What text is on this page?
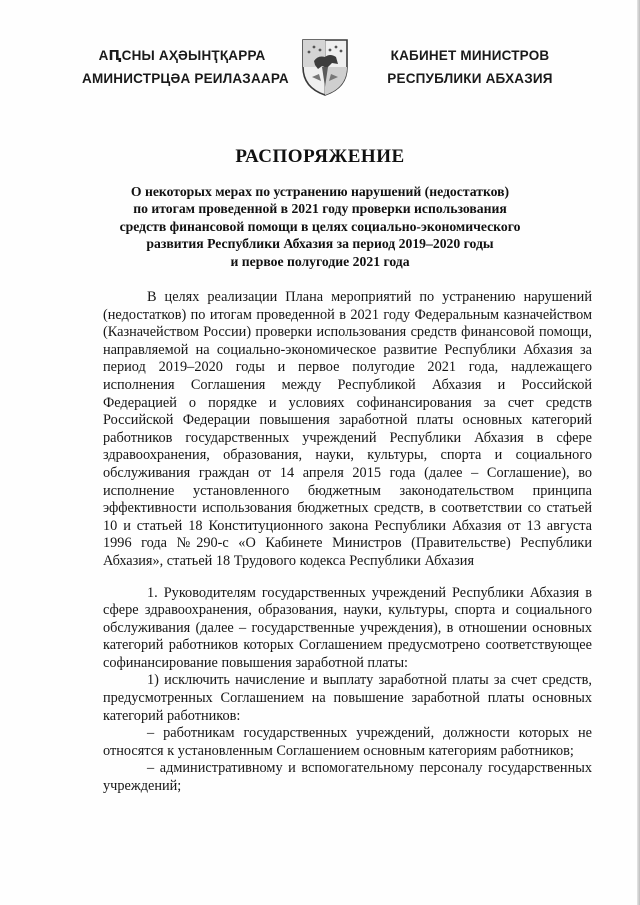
АԤСНЫ АҲӘЫНҬҚАРРА
АМИНИСТРЦӘА РЕИЛАЗААРА
КАБИНЕТ МИНИСТРОВ
РЕСПУБЛИКИ АБХАЗИЯ
РАСПОРЯЖЕНИЕ
О некоторых мерах по устранению нарушений (недостатков)
по итогам проведенной в 2021 году проверки использования
средств финансовой помощи в целях социально-экономического
развития Республики Абхазия за период 2019–2020 годы
и первое полугодие 2021 года

В целях реализации Плана мероприятий по устранению нарушений (недостатков) по итогам проведенной в 2021 году Федеральным казначейством (Казначейством России) проверки использования средств финансовой помощи, направляемой на социально-экономическое развитие Республики Абхазия за период 2019–2020 годы и первое полугодие 2021 года, надлежащего исполнения Соглашения между Республикой Абхазия и Российской Федерацией о порядке и условиях софинансирования за счет средств Российской Федерации повышения заработной платы основных категорий работников государственных учреждений Республики Абхазия в сфере здравоохранения, образования, науки, культуры, спорта и социального обслуживания граждан от 14 апреля 2015 года (далее – Соглашение), во исполнение установленного бюджетным законодательством принципа эффективности использования бюджетных средств, в соответствии со статьей 10 и статьей 18 Конституционного закона Республики Абхазия от 13 августа 1996 года №290-с «О Кабинете Министров (Правительстве) Республики Абхазия», статьей 18 Трудового кодекса Республики Абхазия

1. Руководителям государственных учреждений Республики Абхазия в сфере здравоохранения, образования, науки, культуры, спорта и социального обслуживания (далее – государственные учреждения), в отношении основных категорий работников которых Соглашением предусмотрено соответствующее софинансирование повышения заработной платы:

1) исключить начисление и выплату заработной платы за счет средств, предусмотренных Соглашением на повышение заработной платы основных категорий работников:

– работникам государственных учреждений, должности которых не относятся к установленным Соглашением основным категориям работников;

– административному и вспомогательному персоналу государственных учреждений;
